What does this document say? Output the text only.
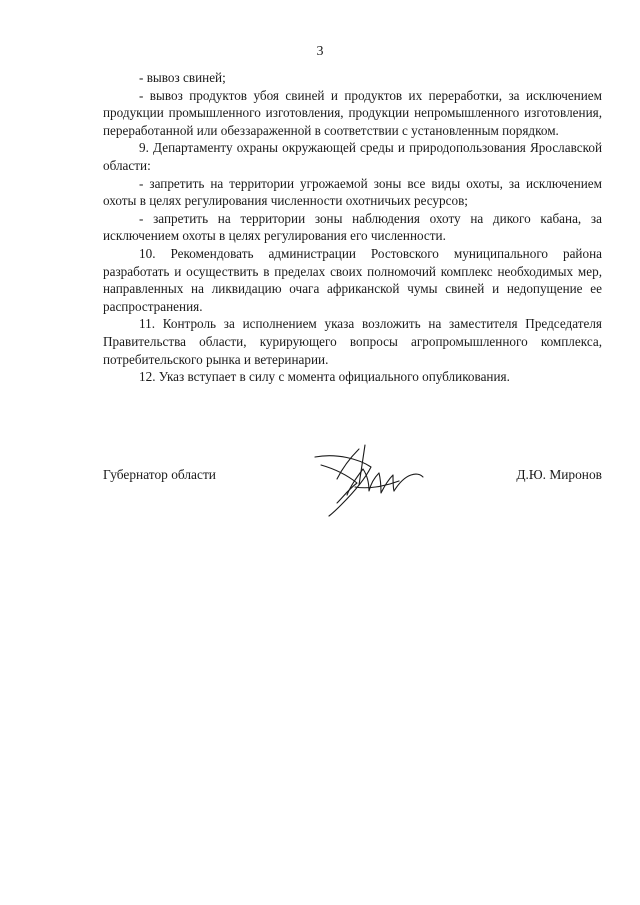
3

- вывоз свиней;

- вывоз продуктов убоя свиней и продуктов их переработки, за исключением продукции промышленного изготовления, продукции непромышленного изготовления, переработанной или обеззараженной в соответствии с установленным порядком.

9. Департаменту охраны окружающей среды и природопользования Ярославской области:

- запретить на территории угрожаемой зоны все виды охоты, за исключением охоты в целях регулирования численности охотничьих ресурсов;

- запретить на территории зоны наблюдения охоту на дикого кабана, за исключением охоты в целях регулирования его численности.

10. Рекомендовать администрации Ростовского муниципального района разработать и осуществить в пределах своих полномочий комплекс необходимых мер, направленных на ликвидацию очага африканской чумы свиней и недопущение ее распространения.

11. Контроль за исполнением указа возложить на заместителя Председателя Правительства области, курирующего вопросы агропромышленного комплекса, потребительского рынка и ветеринарии.

12. Указ вступает в силу с момента официального опубликования.

Губернатор области	Д.Ю. Миронов
